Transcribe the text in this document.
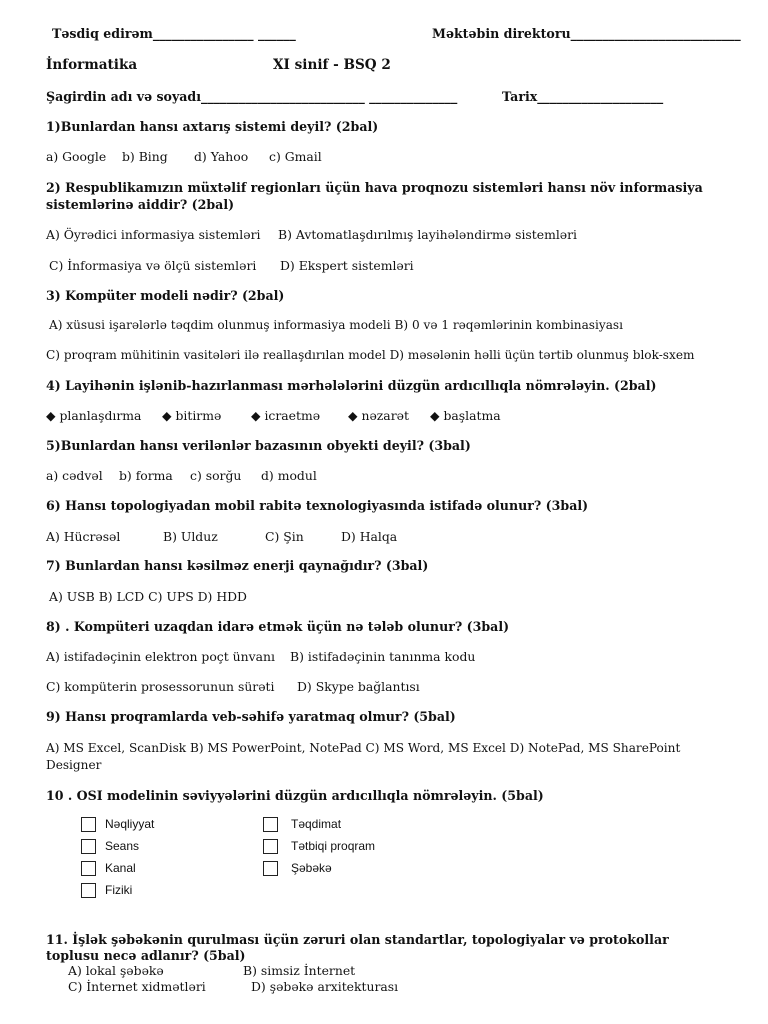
Təsdiq edirəm________________ ______	Məktəbin direktoru___________________________
İnformatika	XI sinif - BSQ 2
Şagirdin adı və soyadı__________________________ ______________	Tarix____________________
1)Bunlardan hansı axtarış sistemi deyil? (2bal)
a) Google b) Bing d) Yahoo c) Gmail
2) Respublikamızın müxtəlif regionları üçün hava proqnozu sistemləri hansı növ informasiya sistemlərinə aiddir? (2bal)
A) Öyrədici informasiya sistemləri B) Avtomatlaşdırılmış layihələndirmə sistemləri
C) İnformasiya və ölçü sistemləri D) Ekspert sistemləri
3) Kompüter modeli nədir? (2bal)
A) xüsusi işarələrlə təqdim olunmuş informasiya modeli B) 0 və 1 rəqəmlərinin kombinasiyası
C) proqram mühitinin vasitələri ilə reallaşdırılan model D) məsələnin həlli üçün tərtib olunmuş blok-sxem
4) Layihənin işlənib-hazırlanması mərhələlərini düzgün ardıcıllıqla nömrələyin. (2bal)
◆ planlaşdırma ◆ bitirmə ◆ icraetmə ◆ nəzarət ◆ başlatma
5)Bunlardan hansı verilənlər bazasının obyekti deyil? (3bal)
a) cədvəl b) forma c) sorğu d) modul
6) Hansı topologiyadan mobil rabitə texnologiyasında istifadə olunur? (3bal)
A) Hücrəsəl	B) Ulduz	C) Şin	D) Halqa
7) Bunlardan hansı kəsilməz enerji qaynağıdır? (3bal)
A) USB B) LCD C) UPS D) HDD
8) . Kompüteri uzaqdan idarə etmək üçün nə tələb olunur? (3bal)
A) istifadəçinin elektron poçt ünvanı B) istifadəçinin tanınma kodu
C) kompüterin prosessorunun sürəti D) Skype bağlantısı
9) Hansı proqramlarda veb-səhifə yaratmaq olmur? (5bal)
A) MS Excel, ScanDisk B) MS PowerPoint, NotePad C) MS Word, MS Excel D) NotePad, MS SharePoint Designer
10 . OSI modelinin səviyyələrini düzgün ardıcıllıqla nömrələyin. (5bal)
Nəqliyyat
Seans
Kanal
Fiziki
Təqdimat
Tətbiqi proqram
Şəbəkə
11. İşlək şəbəkənin qurulması üçün zəruri olan standartlar, topologiyalar və protokollar toplusu necə adlanır? (5bal)
A) lokal şəbəkə	B) simsiz İnternet
C) İnternet xidmətləri	D) şəbəkə arxitekturası
